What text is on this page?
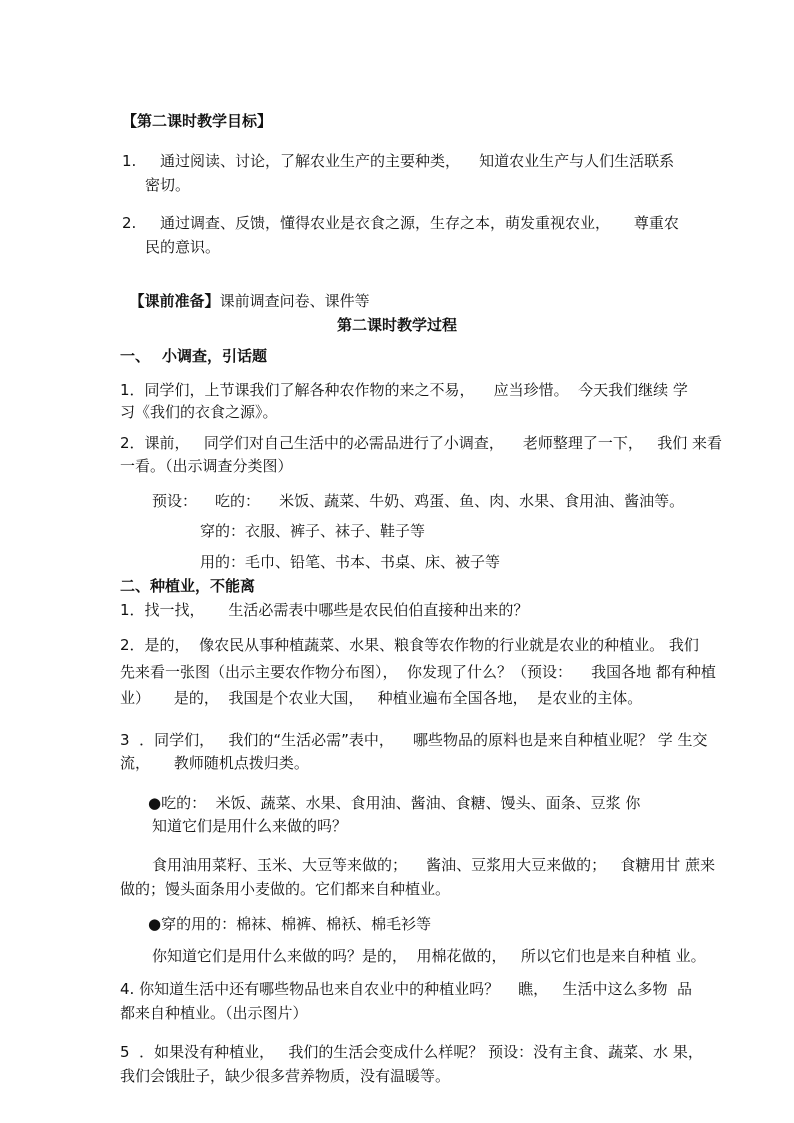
【第二课时教学目标】
1. 通过阅读、讨论，了解农业生产的主要种类，    知道农业生产与人们生活联系
密切。
2. 通过调查、反馈，懂得农业是衣食之源，生存之本，萌发重视农业，     尊重农
民的意识。

【课前准备】课前调查问卷、课件等

第二课时教学过程
一、 小调查，引话题
1．同学们，上节课我们了解各种农作物的来之不易，    应当珍惜。  今天我们继续 学
习《我们的衣食之源》。
2．课前，   同学们对自己生活中的必需品进行了小调查，    老师整理了一下，   我们 来看
一看。（出示调查分类图）
预设： 吃的：    米饭、蔬菜、牛奶、鸡蛋、鱼、肉、水果、食用油、酱油等。
穿的：衣服、裤子、袜子、鞋子等
用的：毛巾、铅笔、书本、书桌、床、被子等
二、种植业，不能离
1．找一找，     生活必需表中哪些是农民伯伯直接种出来的？
2．是的，  像农民从事种植蔬菜、水果、粮食等农作物的行业就是农业的种植业。 我们
先来看一张图（出示主要农作物分布图），  你发现了什么？（预设：    我国各地 都有种植
业）     是的，  我国是个农业大国，   种植业遍布全国各地，  是农业的主体。
3  ．同学们，   我们的“生活必需”表中，    哪些物品的原料也是来自种植业呢？ 学 生交
流，     教师随机点拨归类。
●吃的：  米饭、蔬菜、水果、食用油、酱油、食糖、馒头、面条、豆浆 你
知道它们是用什么来做的吗？
食用油用菜籽、玉米、大豆等来做的；    酱油、豆浆用大豆来做的；   食糖用甘 蔗来
做的；馒头面条用小麦做的。它们都来自种植业。
●穿的用的：棉袜、棉裤、棉袄、棉毛衫等
你知道它们是用什么来做的吗？是的，  用棉花做的，   所以它们也是来自种植 业。
4. 你知道生活中还有哪些物品也来自农业中的种植业吗？    瞧，   生活中这么多物  品
都来自种植业。（出示图片）
5  ．如果没有种植业，   我们的生活会变成什么样呢？ 预设：没有主食、蔬菜、水 果，
我们会饿肚子，缺少很多营养物质，没有温暖等。
